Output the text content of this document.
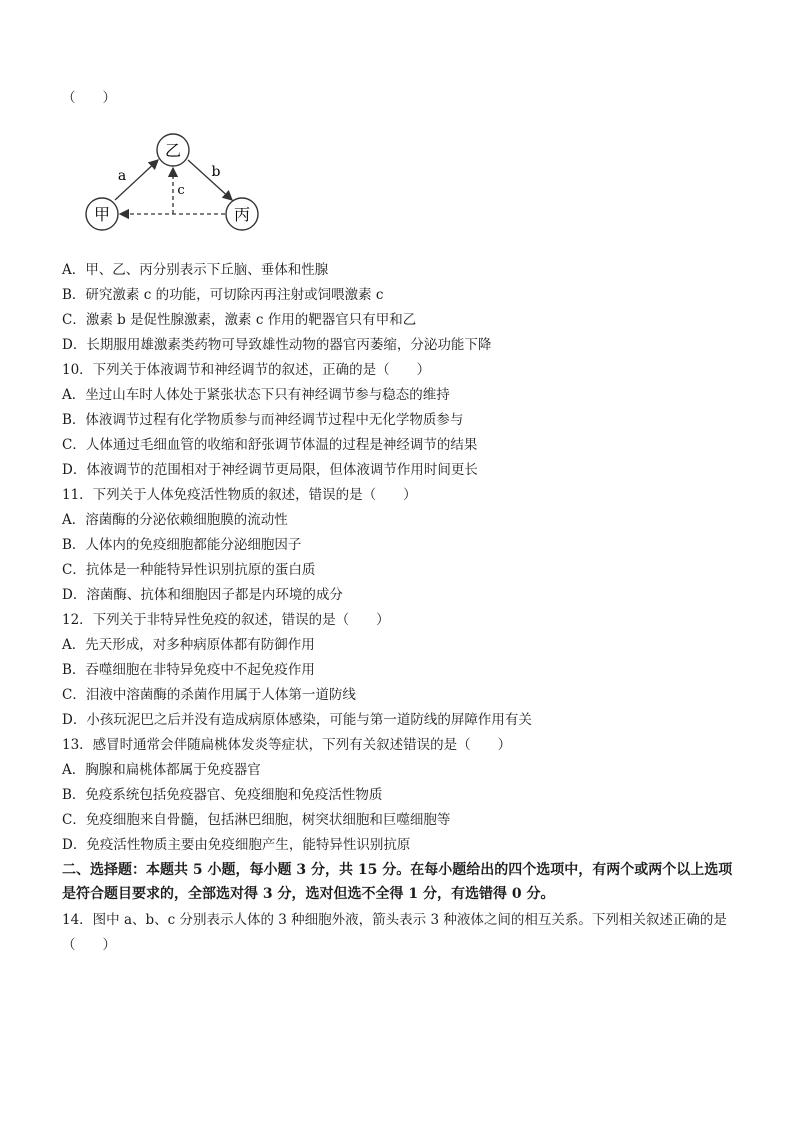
（　　）
乙
甲	丙
a	b
c
A．甲、乙、丙分别表示下丘脑、垂体和性腺
B．研究激素 c 的功能，可切除丙再注射或饲喂激素 c
C．激素 b 是促性腺激素，激素 c 作用的靶器官只有甲和乙
D．长期服用雄激素类药物可导致雄性动物的器官丙萎缩，分泌功能下降
10．下列关于体液调节和神经调节的叙述，正确的是（　　）
A．坐过山车时人体处于紧张状态下只有神经调节参与稳态的维持
B．体液调节过程有化学物质参与而神经调节过程中无化学物质参与
C．人体通过毛细血管的收缩和舒张调节体温的过程是神经调节的结果
D．体液调节的范围相对于神经调节更局限，但体液调节作用时间更长
11．下列关于人体免疫活性物质的叙述，错误的是（　　）
A．溶菌酶的分泌依赖细胞膜的流动性
B．人体内的免疫细胞都能分泌细胞因子
C．抗体是一种能特异性识别抗原的蛋白质
D．溶菌酶、抗体和细胞因子都是内环境的成分
12．下列关于非特异性免疫的叙述，错误的是（　　）
A．先天形成，对多种病原体都有防御作用
B．吞噬细胞在非特异免疫中不起免疫作用
C．泪液中溶菌酶的杀菌作用属于人体第一道防线
D．小孩玩泥巴之后并没有造成病原体感染，可能与第一道防线的屏障作用有关
13．感冒时通常会伴随扁桃体发炎等症状，下列有关叙述错误的是（　　）
A．胸腺和扁桃体都属于免疫器官
B．免疫系统包括免疫器官、免疫细胞和免疫活性物质
C．免疫细胞来自骨髓，包括淋巴细胞，树突状细胞和巨噬细胞等
D．免疫活性物质主要由免疫细胞产生，能特异性识别抗原
二、选择题：本题共 5 小题，每小题 3 分，共 15 分。在每小题给出的四个选项中，有两个或两个以上选项是符合题目要求的，全部选对得 3 分，选对但选不全得 1 分，有选错得 0 分。
14．图中 a、b、c 分别表示人体的 3 种细胞外液，箭头表示 3 种液体之间的相互关系。下列相关叙述正确的是
（　　）
